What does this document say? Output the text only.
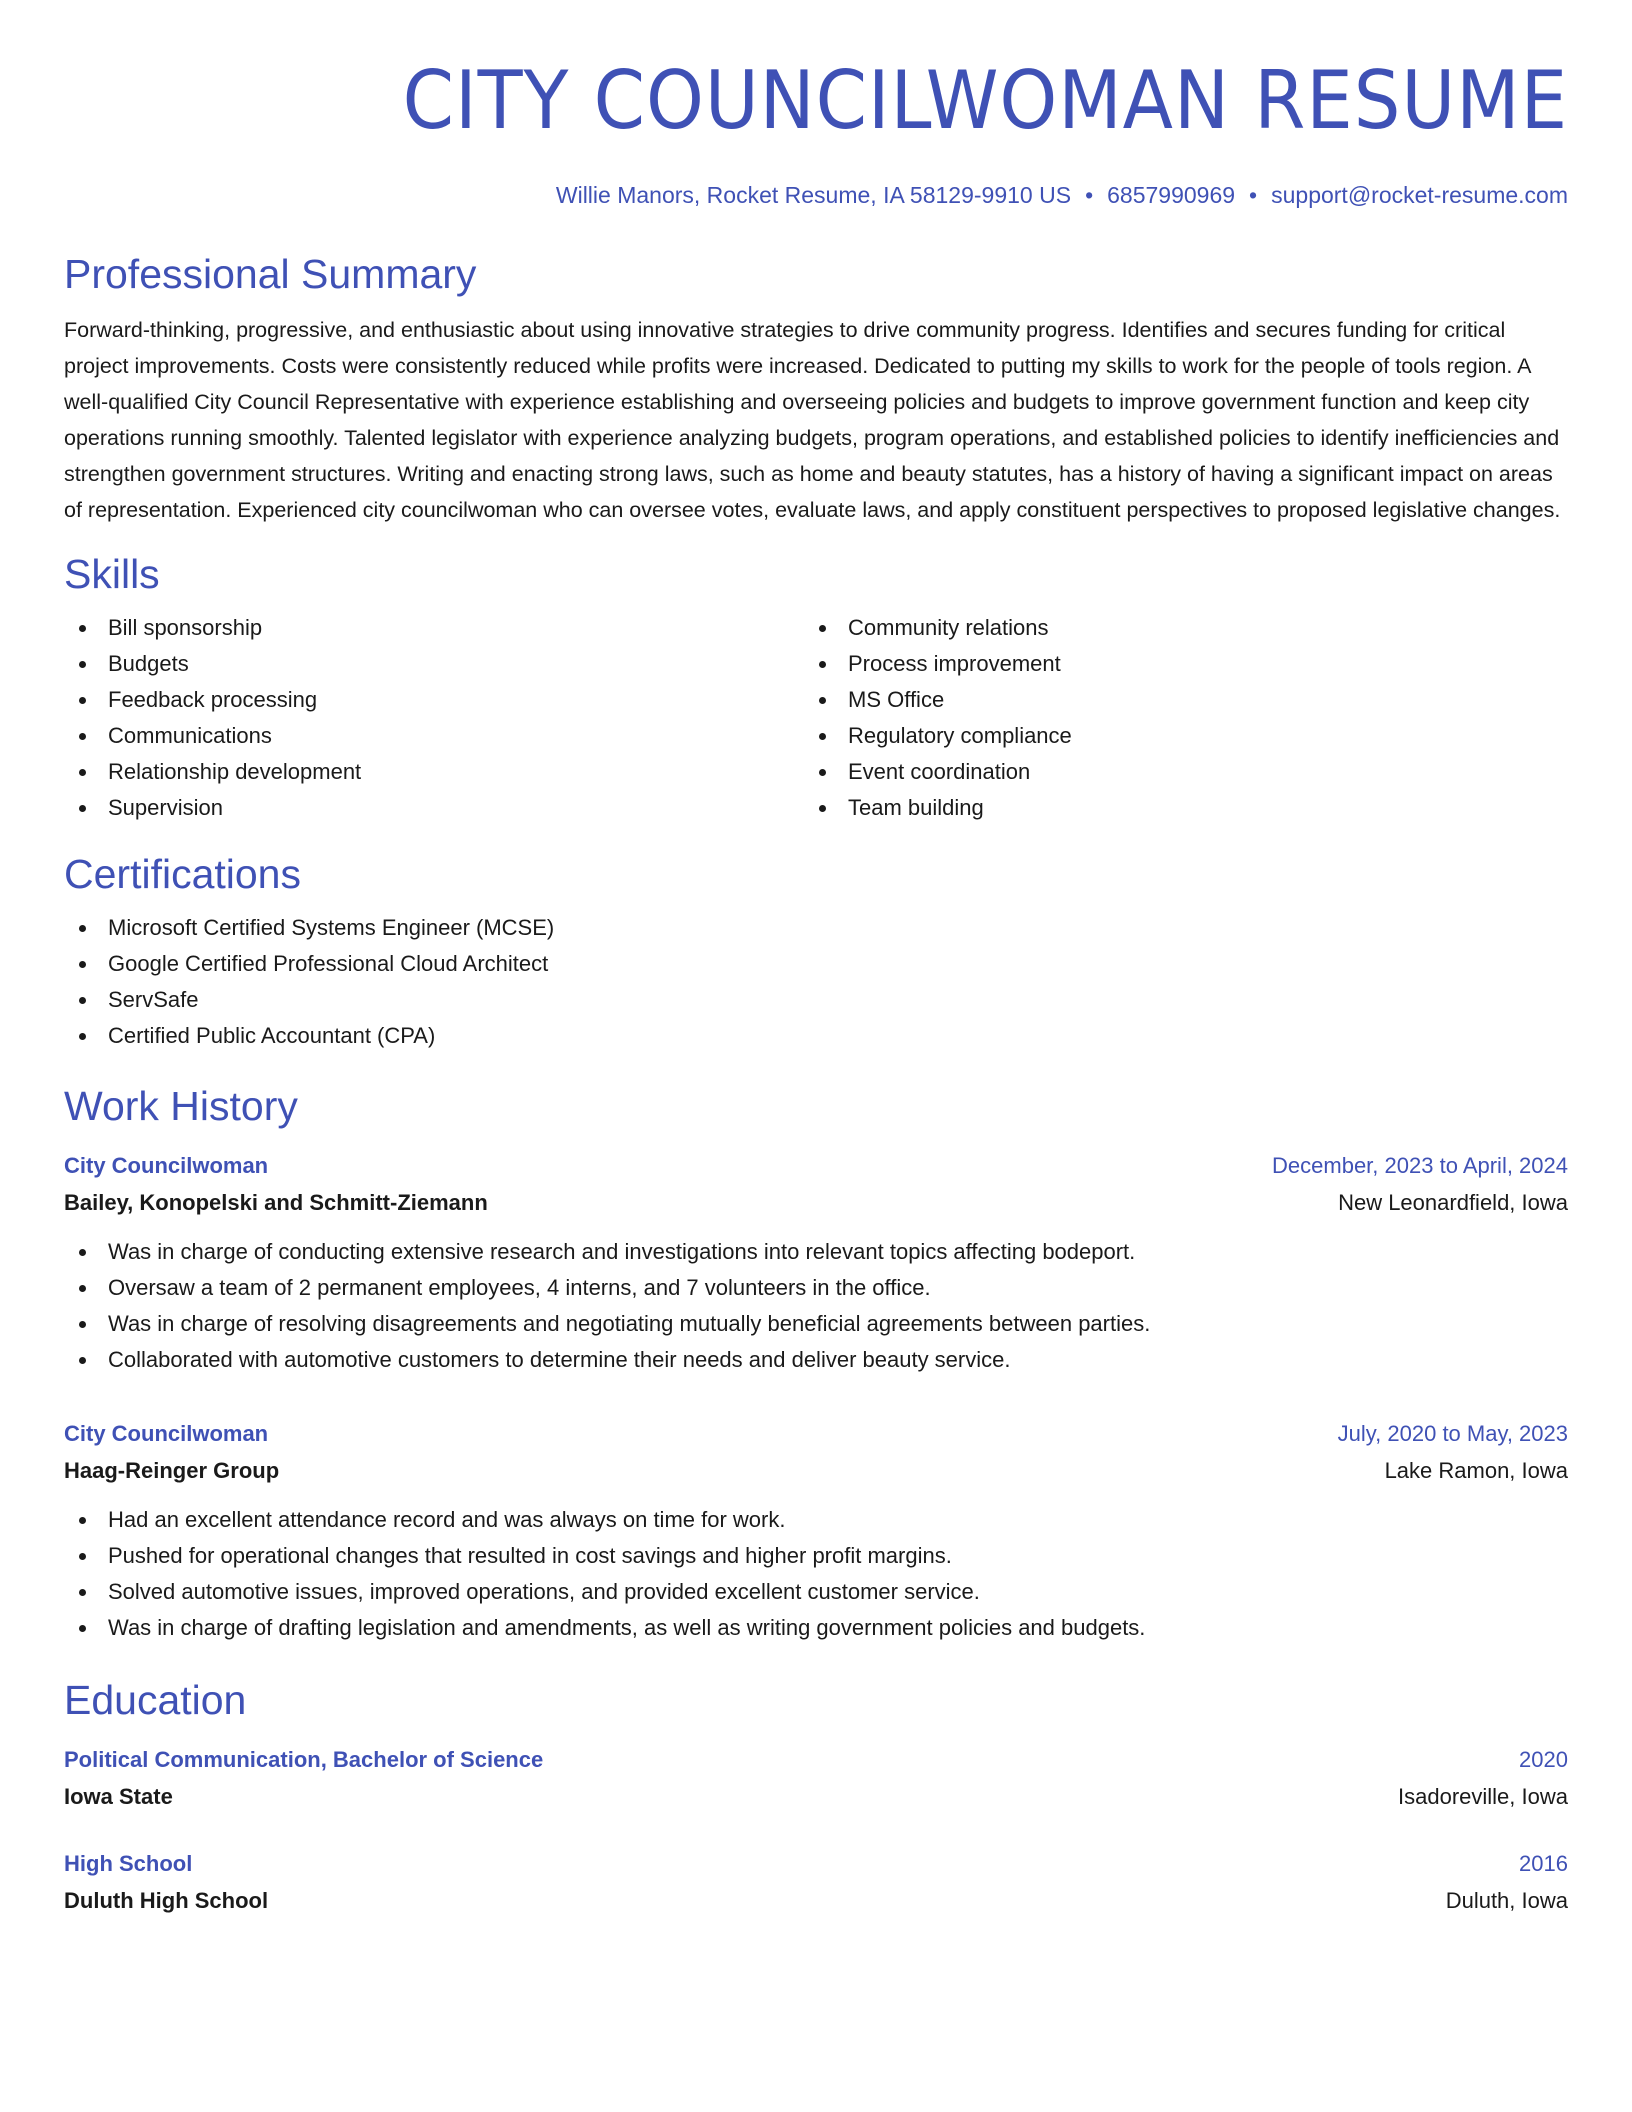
CITY COUNCILWOMAN RESUME
Willie Manors, Rocket Resume, IA 58129-9910 US • 6857990969 • support@rocket-resume.com
Professional Summary

Forward-thinking, progressive, and enthusiastic about using innovative strategies to drive community progress. Identifies and secures funding for critical project improvements. Costs were consistently reduced while profits were increased. Dedicated to putting my skills to work for the people of tools region. A well-qualified City Council Representative with experience establishing and overseeing policies and budgets to improve government function and keep city operations running smoothly. Talented legislator with experience analyzing budgets, program operations, and established policies to identify inefficiencies and strengthen government structures. Writing and enacting strong laws, such as home and beauty statutes, has a history of having a significant impact on areas of representation. Experienced city councilwoman who can oversee votes, evaluate laws, and apply constituent perspectives to proposed legislative changes.

Skills
Bill sponsorship
Budgets
Feedback processing
Communications
Relationship development
Supervision
Community relations
Process improvement
MS Office
Regulatory compliance
Event coordination
Team building
Certifications
Microsoft Certified Systems Engineer (MCSE)
Google Certified Professional Cloud Architect
ServSafe
Certified Public Accountant (CPA)
Work History
City Councilwoman	December, 2023 to April, 2024
Bailey, Konopelski and Schmitt-Ziemann	New Leonardfield, Iowa
Was in charge of conducting extensive research and investigations into relevant topics affecting bodeport.
Oversaw a team of 2 permanent employees, 4 interns, and 7 volunteers in the office.
Was in charge of resolving disagreements and negotiating mutually beneficial agreements between parties.
Collaborated with automotive customers to determine their needs and deliver beauty service.
City Councilwoman	July, 2020 to May, 2023
Haag-Reinger Group	Lake Ramon, Iowa
Had an excellent attendance record and was always on time for work.
Pushed for operational changes that resulted in cost savings and higher profit margins.
Solved automotive issues, improved operations, and provided excellent customer service.
Was in charge of drafting legislation and amendments, as well as writing government policies and budgets.
Education
Political Communication, Bachelor of Science	2020
Iowa State	Isadoreville, Iowa
High School	2016
Duluth High School	Duluth, Iowa
